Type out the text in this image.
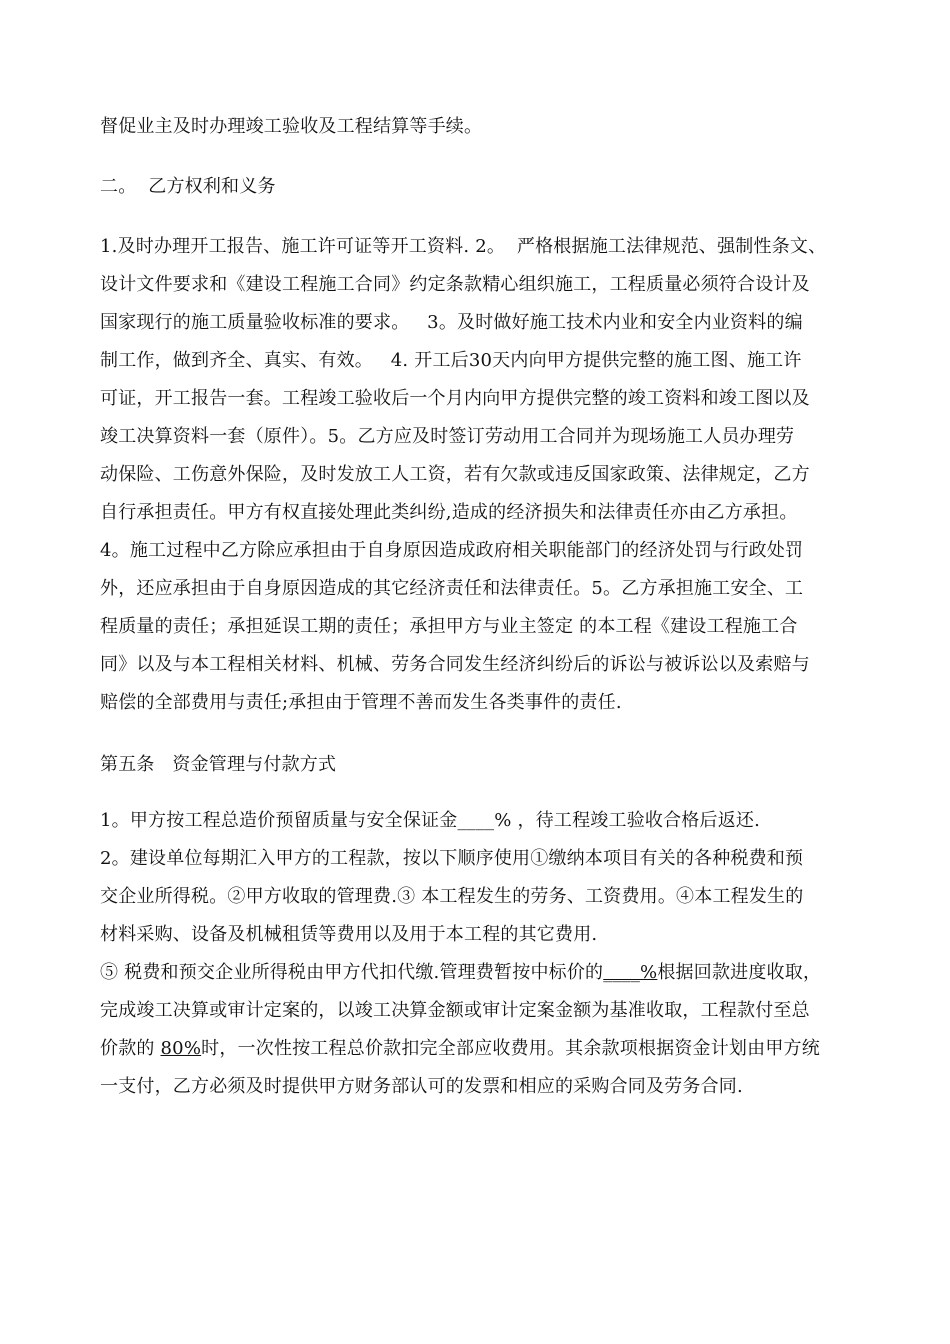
督促业主及时办理竣工验收及工程结算等手续。
二。  乙方权利和义务
1.及时办理开工报告、施工许可证等开工资料. 2。  严格根据施工法律规范、强制性条文、
设计文件要求和《建设工程施工合同》约定条款精心组织施工，工程质量必须符合设计及
国家现行的施工质量验收标准的要求。   3。及时做好施工技术内业和安全内业资料的编
制工作，做到齐全、真实、有效。   4. 开工后30天内向甲方提供完整的施工图、施工许
可证，开工报告一套。工程竣工验收后一个月内向甲方提供完整的竣工资料和竣工图以及
竣工决算资料一套（原件）。5。乙方应及时签订劳动用工合同并为现场施工人员办理劳
动保险、工伤意外保险，及时发放工人工资，若有欠款或违反国家政策、法律规定，乙方
自行承担责任。甲方有权直接处理此类纠纷,造成的经济损失和法律责任亦由乙方承担。
4。施工过程中乙方除应承担由于自身原因造成政府相关职能部门的经济处罚与行政处罚
外，还应承担由于自身原因造成的其它经济责任和法律责任。5。乙方承担施工安全、工
程质量的责任；承担延误工期的责任；承担甲方与业主签定 的本工程《建设工程施工合
同》以及与本工程相关材料、机械、劳务合同发生经济纠纷后的诉讼与被诉讼以及索赔与
赔偿的全部费用与责任;承担由于管理不善而发生各类事件的责任.
第五条   资金管理与付款方式
1。甲方按工程总造价预留质量与安全保证金____% ，待工程竣工验收合格后返还.
2。建设单位每期汇入甲方的工程款，按以下顺序使用①缴纳本项目有关的各种税费和预
交企业所得税。②甲方收取的管理费.③ 本工程发生的劳务、工资费用。④本工程发生的
材料采购、设备及机械租赁等费用以及用于本工程的其它费用.
⑤ 税费和预交企业所得税由甲方代扣代缴.管理费暂按中标价的____%根据回款进度收取，
完成竣工决算或审计定案的，以竣工决算金额或审计定案金额为基准收取，工程款付至总
价款的 80%时，一次性按工程总价款扣完全部应收费用。其余款项根据资金计划由甲方统
一支付，乙方必须及时提供甲方财务部认可的发票和相应的采购合同及劳务合同.
